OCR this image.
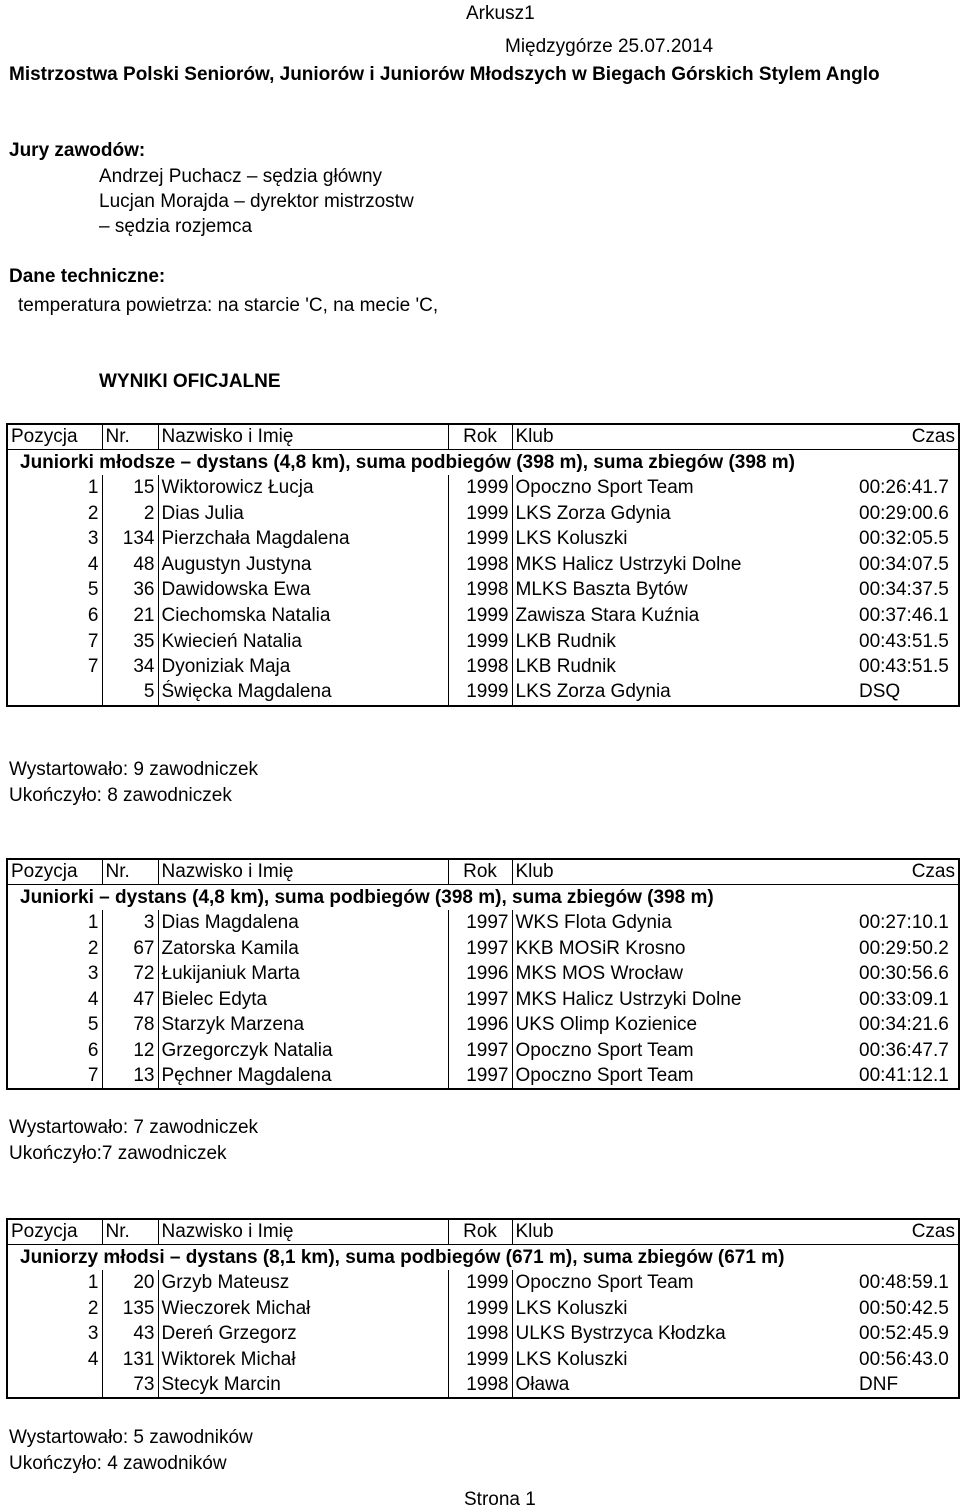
Arkusz1
Międzygórze 25.07.2014
Mistrzostwa Polski Seniorów, Juniorów i Juniorów Młodszych w Biegach Górskich Stylem Anglo
Jury zawodów:
Andrzej Puchacz – sędzia główny
Lucjan Morajda – dyrektor mistrzostw
– sędzia rozjemca
Dane techniczne:
temperatura powietrza: na starcie 'C, na mecie 'C,
WYNIKI OFICJALNE
Pozycja	Nr.	Nazwisko i Imię	Rok	Klub	Czas
Juniorki młodsze – dystans (4,8 km), suma podbiegów (398 m), suma zbiegów (398 m)					
1	15	Wiktorowicz Łucja	1999	Opoczno Sport Team	00:26:41.7
2	2	Dias Julia	1999	LKS Zorza Gdynia	00:29:00.6
3	134	Pierzchała Magdalena	1999	LKS Koluszki	00:32:05.5
4	48	Augustyn Justyna	1998	MKS Halicz Ustrzyki Dolne	00:34:07.5
5	36	Dawidowska Ewa	1998	MLKS Baszta Bytów	00:34:37.5
6	21	Ciechomska Natalia	1999	Zawisza Stara Kuźnia	00:37:46.1
7	35	Kwiecień Natalia	1999	LKB Rudnik	00:43:51.5
7	34	Dyoniziak Maja	1998	LKB Rudnik	00:43:51.5
	5	Święcka Magdalena	1999	LKS Zorza Gdynia	DSQ
Wystartowało: 9 zawodniczek
Ukończyło: 8 zawodniczek
Pozycja	Nr.	Nazwisko i Imię	Rok	Klub	Czas
Juniorki – dystans (4,8 km), suma podbiegów (398 m), suma zbiegów (398 m)					
1	3	Dias Magdalena	1997	WKS Flota Gdynia	00:27:10.1
2	67	Zatorska Kamila	1997	KKB MOSiR Krosno	00:29:50.2
3	72	Łukijaniuk Marta	1996	MKS MOS Wrocław	00:30:56.6
4	47	Bielec Edyta	1997	MKS Halicz Ustrzyki Dolne	00:33:09.1
5	78	Starzyk Marzena	1996	UKS Olimp Kozienice	00:34:21.6
6	12	Grzegorczyk Natalia	1997	Opoczno Sport Team	00:36:47.7
7	13	Pęchner Magdalena	1997	Opoczno Sport Team	00:41:12.1
Wystartowało: 7 zawodniczek
Ukończyło:7 zawodniczek
Pozycja	Nr.	Nazwisko i Imię	Rok	Klub	Czas
Juniorzy młodsi – dystans (8,1 km), suma podbiegów (671 m), suma zbiegów (671 m)					
1	20	Grzyb Mateusz	1999	Opoczno Sport Team	00:48:59.1
2	135	Wieczorek Michał	1999	LKS Koluszki	00:50:42.5
3	43	Dereń Grzegorz	1998	ULKS Bystrzyca Kłodzka	00:52:45.9
4	131	Wiktorek Michał	1999	LKS Koluszki	00:56:43.0
	73	Stecyk Marcin	1998	Oława	DNF
Wystartowało: 5 zawodników
Ukończyło: 4 zawodników
Strona 1
